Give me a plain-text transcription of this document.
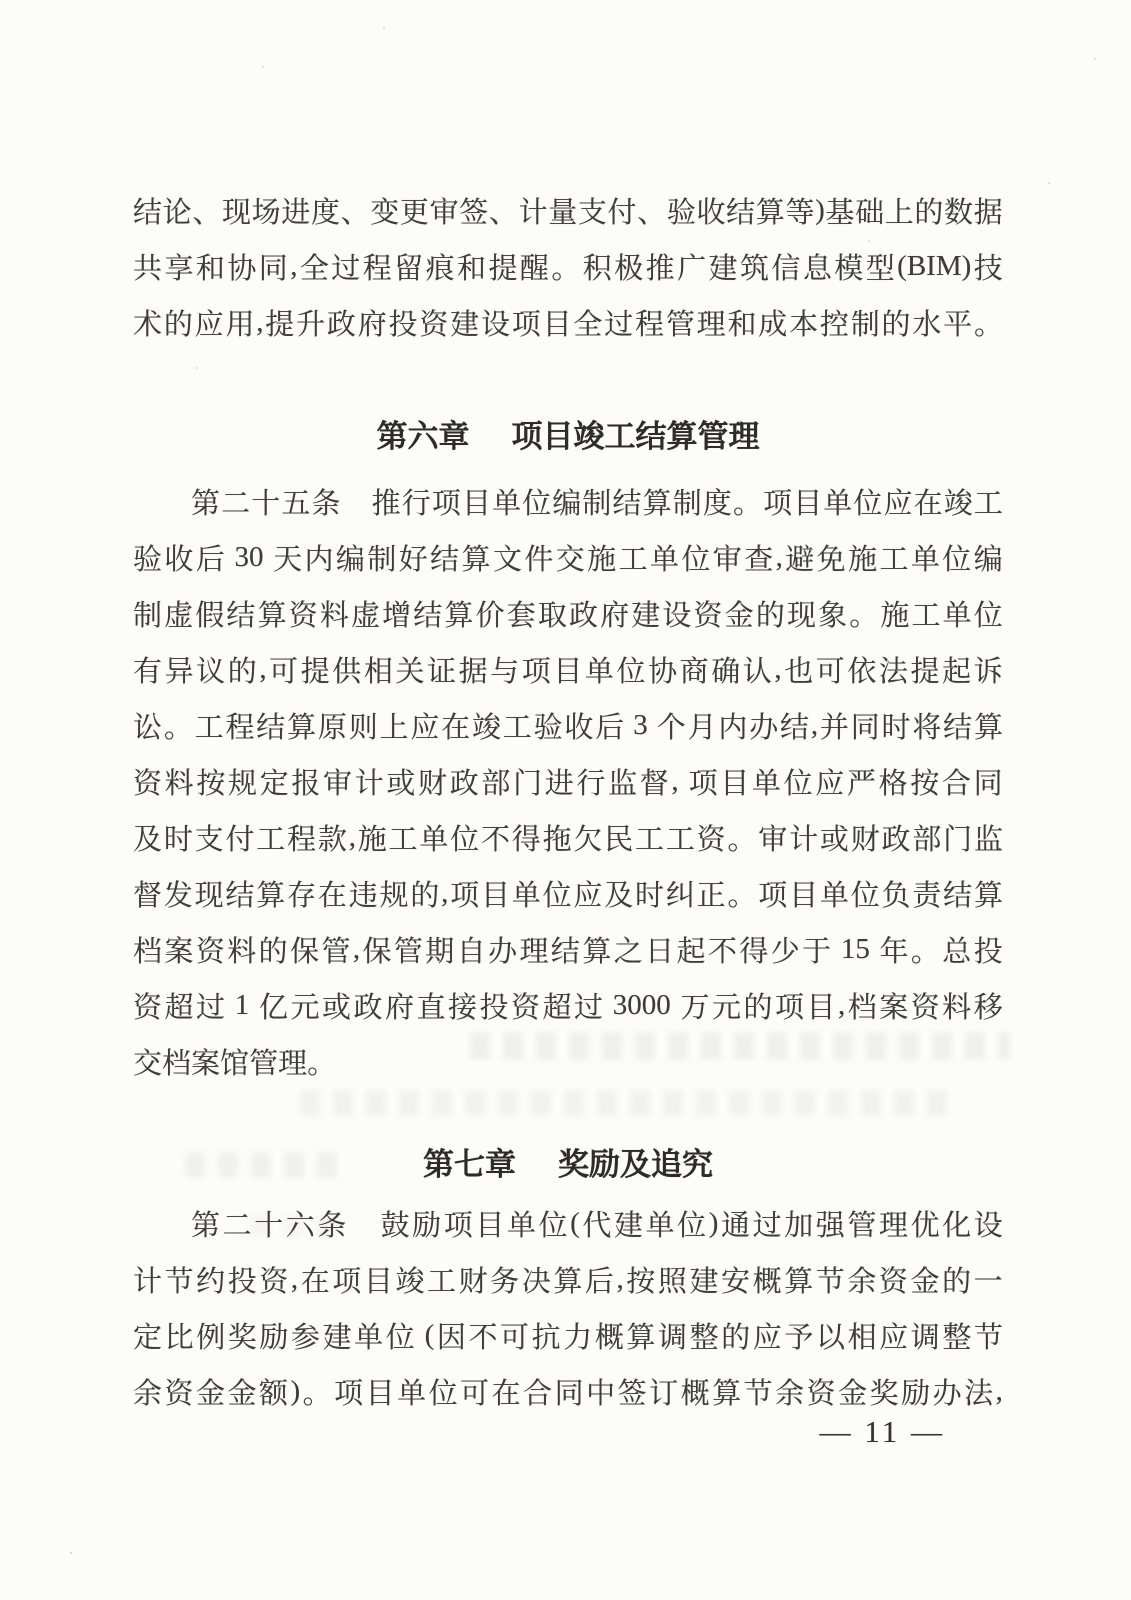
结 论 、 现 场 进 度 、 变 更 审 签 、 计 量 支 付 、 验 收 结 算 等 ) 基 础 上 的 数 据
共 享 和 协 同 , 全 过 程 留 痕 和 提 醒 。 积 极 推 广 建 筑 信 息 模 型 (BIM) 技
术 的 应 用 , 提 升 政 府 投 资 建 设 项 目 全 过 程 管 理 和 成 本 控 制 的 水 平 。
第六章 项目竣工结算管理
第 二 十 五 条
　 推 行 项 目 单 位 编 制 结 算 制 度 。 项 目 单 位 应 在 竣 工
验 收 后 30 天 内 编 制 好 结 算 文 件 交 施 工 单 位 审 查 , 避 免 施 工 单 位 编
制 虚 假 结 算 资 料 虚 增 结 算 价 套 取 政 府 建 设 资 金 的 现 象 。 施 工 单 位
有 异 议 的 , 可 提 供 相 关 证 据 与 项 目 单 位 协 商 确 认 , 也 可 依 法 提 起 诉
讼 。 工 程 结 算 原 则 上 应 在 竣 工 验 收 后 3 个 月 内 办 结 , 并 同 时 将 结 算
资 料 按 规 定 报 审 计 或 财 政 部 门 进 行 监 督 , 项 目 单 位 应 严 格 按 合 同
及 时 支 付 工 程 款 , 施 工 单 位 不 得 拖 欠 民 工 工 资 。 审 计 或 财 政 部 门 监
督 发 现 结 算 存 在 违 规 的 , 项 目 单 位 应 及 时 纠 正 。 项 目 单 位 负 责 结 算
档 案 资 料 的 保 管 , 保 管 期 自 办 理 结 算 之 日 起 不 得 少 于 15 年 。 总 投
资 超 过 1 亿 元 或 政 府 直 接 投 资 超 过 3000 万 元 的 项 目 , 档 案 资 料 移
交 档 案 馆 管 理 。
第七章 奖励及追究
第 二 十 六 条
　 鼓 励 项 目 单 位 ( 代 建 单 位 ) 通 过 加 强 管 理 优 化 设
计 节 约 投 资 , 在 项 目 竣 工 财 务 决 算 后 , 按 照 建 安 概 算 节 余 资 金 的 一
定 比 例 奖 励 参 建 单 位 ( 因 不 可 抗 力 概 算 调 整 的 应 予 以 相 应 调 整 节
余 资 金 金 额 ) 。 项 目 单 位 可 在 合 同 中 签 订 概 算 节 余 资 金 奖 励 办 法 ,
— 11 —
